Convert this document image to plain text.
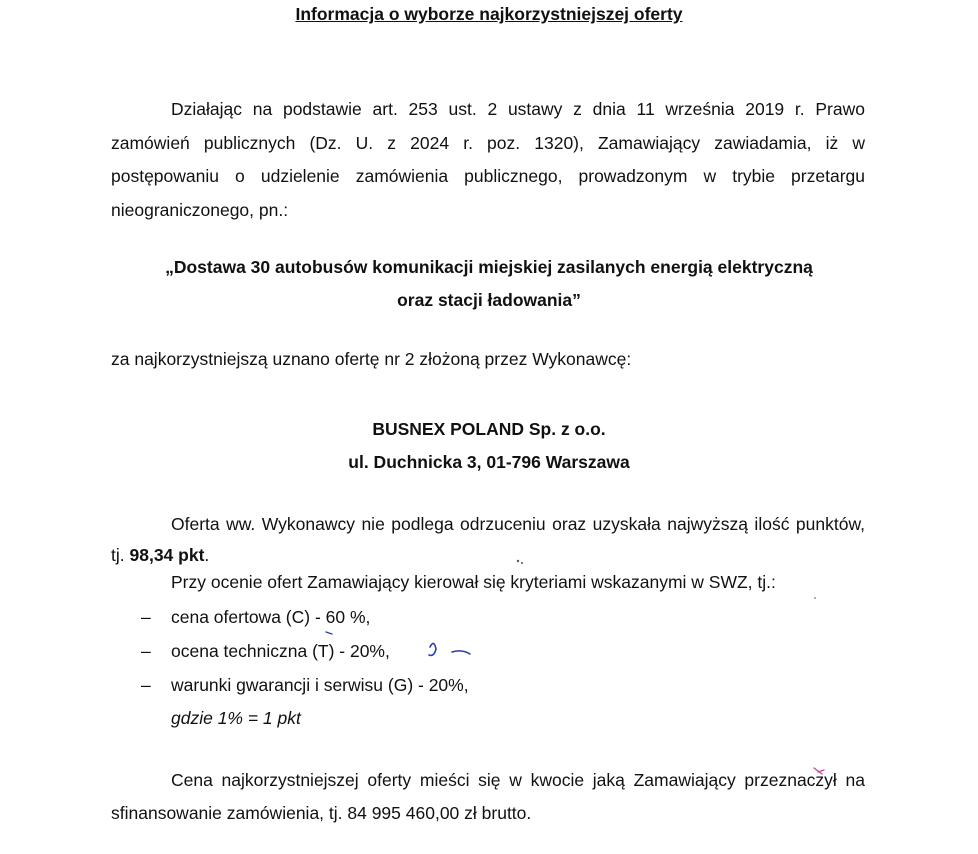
Informacja o wyborze najkorzystniejszej oferty

Działając na podstawie art. 253 ust. 2 ustawy z dnia 11 września 2019 r. Prawo zamówień publicznych (Dz. U. z 2024 r. poz. 1320), Zamawiający zawiadamia, iż w postępowaniu o udzielenie zamówienia publicznego, prowadzonym w trybie przetargu nieograniczonego, pn.:

„Dostawa 30 autobusów komunikacji miejskiej zasilanych energią elektryczną
oraz stacji ładowania”
za najkorzystniejszą uznano ofertę nr 2 złożoną przez Wykonawcę:
BUSNEX POLAND Sp. z o.o.
ul. Duchnicka 3, 01-796 Warszawa

Oferta ww. Wykonawcy nie podlega odrzuceniu oraz uzyskała najwyższą ilość punktów, tj. 98,34 pkt.

Przy ocenie ofert Zamawiający kierował się kryteriami wskazanymi w SWZ, tj.:
– cena ofertowa (C) - 60 %,
– ocena techniczna (T) - 20%,
– warunki gwarancji i serwisu (G) - 20%,
gdzie 1% = 1 pkt

Cena najkorzystniejszej oferty mieści się w kwocie jaką Zamawiający przeznaczył na sfinansowanie zamówienia, tj. 84 995 460,00 zł brutto.
